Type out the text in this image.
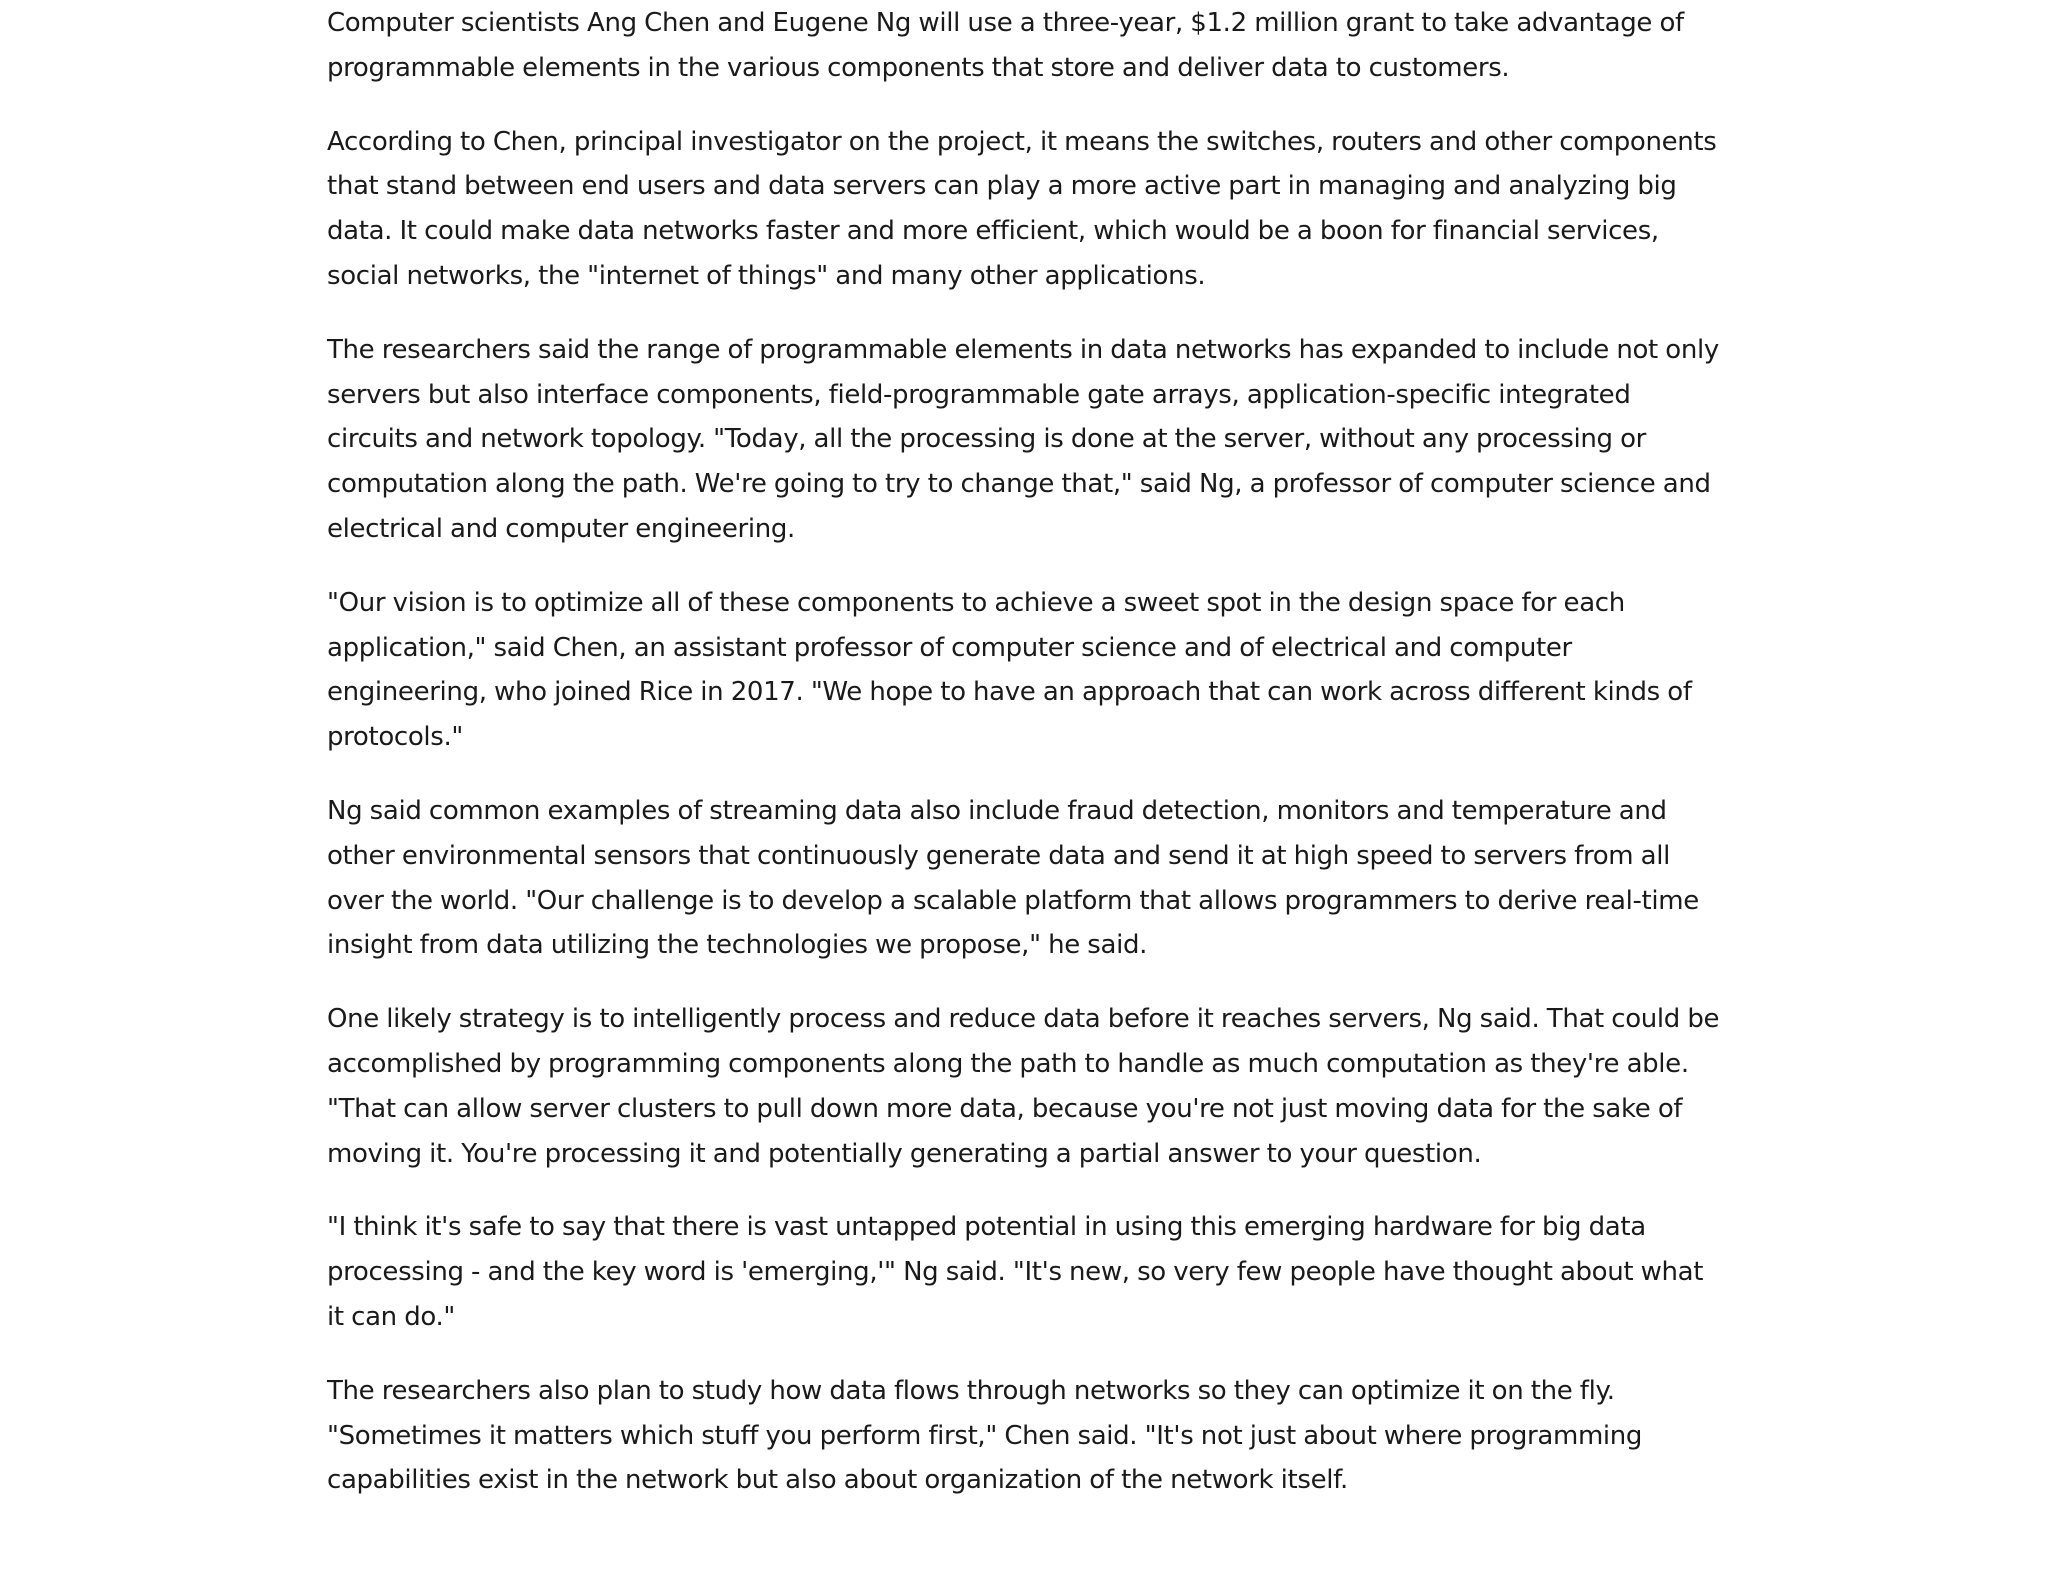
Computer scientists Ang Chen and Eugene Ng will use a three-year, $1.2 million grant to take advantage of programmable elements in the various components that store and deliver data to customers.

According to Chen, principal investigator on the project, it means the switches, routers and other components that stand between end users and data servers can play a more active part in managing and analyzing big data. It could make data networks faster and more efficient, which would be a boon for financial services, social networks, the "internet of things" and many other applications.

The researchers said the range of programmable elements in data networks has expanded to include not only servers but also interface components, field-programmable gate arrays, application-specific integrated circuits and network topology. "Today, all the processing is done at the server, without any processing or computation along the path. We're going to try to change that," said Ng, a professor of computer science and electrical and computer engineering.

"Our vision is to optimize all of these components to achieve a sweet spot in the design space for each application," said Chen, an assistant professor of computer science and of electrical and computer engineering, who joined Rice in 2017. "We hope to have an approach that can work across different kinds of protocols."

Ng said common examples of streaming data also include fraud detection, monitors and temperature and other environmental sensors that continuously generate data and send it at high speed to servers from all over the world. "Our challenge is to develop a scalable platform that allows programmers to derive real-time insight from data utilizing the technologies we propose," he said.

One likely strategy is to intelligently process and reduce data before it reaches servers, Ng said. That could be accomplished by programming components along the path to handle as much computation as they're able. "That can allow server clusters to pull down more data, because you're not just moving data for the sake of moving it. You're processing it and potentially generating a partial answer to your question.

"I think it's safe to say that there is vast untapped potential in using this emerging hardware for big data processing - and the key word is 'emerging,'" Ng said. "It's new, so very few people have thought about what it can do."

The researchers also plan to study how data flows through networks so they can optimize it on the fly. "Sometimes it matters which stuff you perform first," Chen said. "It's not just about where programming capabilities exist in the network but also about organization of the network itself.
